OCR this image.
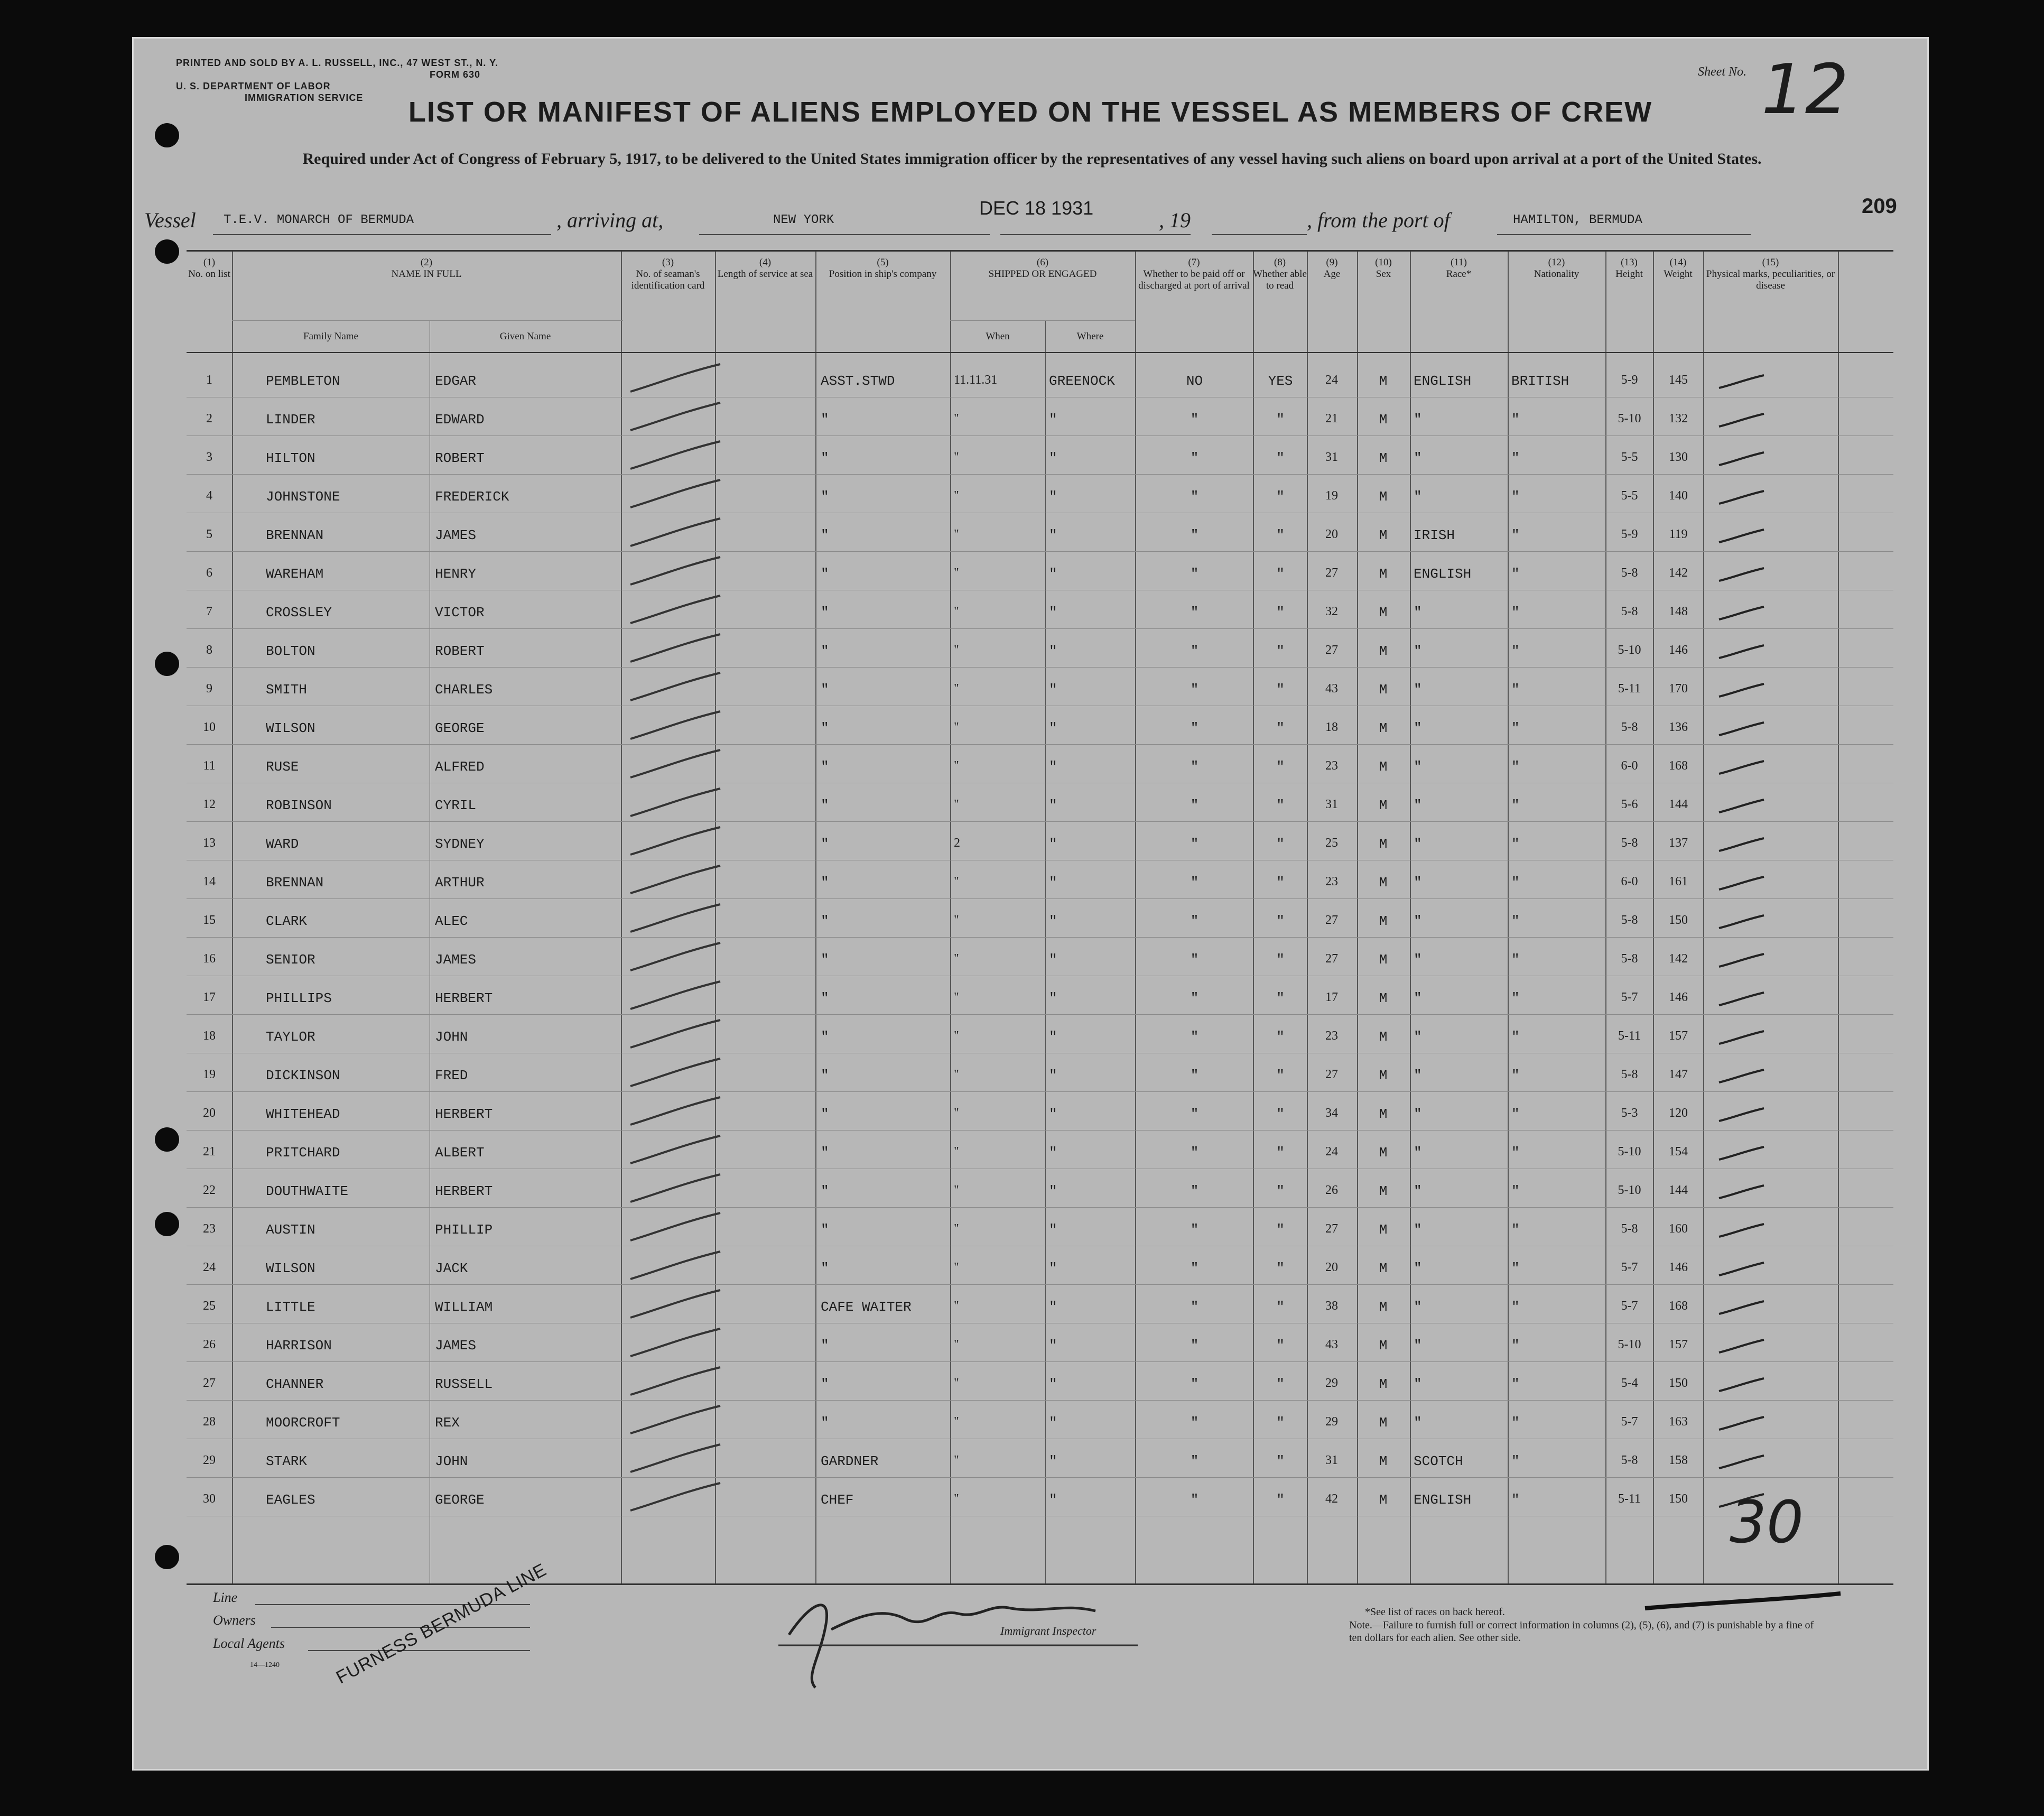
PRINTED AND SOLD BY A. L. RUSSELL, INC., 47 WEST ST., N. Y.
FORM 630
U. S. DEPARTMENT OF LABOR
IMMIGRATION SERVICE
Sheet No. 12
LIST OR MANIFEST OF ALIENS EMPLOYED ON THE VESSEL AS MEMBERS OF CREW
Required under Act of Congress of February 5, 1917, to be delivered to the United States immigration officer by the representatives of any vessel having such aliens on board upon arrival at a port of the United States.
Vessel T.E.V. MONARCH OF BERMUDA	, arriving at,	NEW YORK
DEC 18 1931
, 19	, from the port of	HAMILTON, BERMUDA
209
(1)
No. on list
(2)
NAME IN FULL
Family Name	Given Name
(3)
No. of seaman's identification card
(4)
Length of service at sea
(5)
Position in ship's company
(6)
SHIPPED OR ENGAGED
When	Where
(7)
Whether to be paid off or discharged at port of arrival
(8)
Whether able to read
(9)
Age
(10)
Sex
(11)
Race*
(12)
Nationality
(13)
Height
(14)
Weight
(15)
Physical marks, peculiarities, or disease
1	PEMBLETON	EDGAR	ASST.STWD	11.11.31	GREENOCK	NO	YES	24	M	ENGLISH	BRITISH	5-9	145
2	LINDER	EDWARD	"	"	"	"	"	21	M	"	"	5-10	132
3	HILTON	ROBERT	"	"	"	"	"	31	M	"	"	5-5	130
4	JOHNSTONE	FREDERICK	"	"	"	"	"	19	M	"	"	5-5	140
5	BRENNAN	JAMES	"	"	"	"	"	20	M	IRISH	"	5-9	119
6	WAREHAM	HENRY	"	"	"	"	"	27	M	ENGLISH	"	5-8	142
7	CROSSLEY	VICTOR	"	"	"	"	"	32	M	"	"	5-8	148
8	BOLTON	ROBERT	"	"	"	"	"	27	M	"	"	5-10	146
9	SMITH	CHARLES	"	"	"	"	"	43	M	"	"	5-11	170
10	WILSON	GEORGE	"	"	"	"	"	18	M	"	"	5-8	136
11	RUSE	ALFRED	"	"	"	"	"	23	M	"	"	6-0	168
12	ROBINSON	CYRIL	"	"	"	"	"	31	M	"	"	5-6	144
13	WARD	SYDNEY	"	2	"	"	"	25	M	"	"	5-8	137
14	BRENNAN	ARTHUR	"	"	"	"	"	23	M	"	"	6-0	161
15	CLARK	ALEC	"	"	"	"	"	27	M	"	"	5-8	150
16	SENIOR	JAMES	"	"	"	"	"	27	M	"	"	5-8	142
17	PHILLIPS	HERBERT	"	"	"	"	"	17	M	"	"	5-7	146
18	TAYLOR	JOHN	"	"	"	"	"	23	M	"	"	5-11	157
19	DICKINSON	FRED	"	"	"	"	"	27	M	"	"	5-8	147
20	WHITEHEAD	HERBERT	"	"	"	"	"	34	M	"	"	5-3	120
21	PRITCHARD	ALBERT	"	"	"	"	"	24	M	"	"	5-10	154
22	DOUTHWAITE	HERBERT	"	"	"	"	"	26	M	"	"	5-10	144
23	AUSTIN	PHILLIP	"	"	"	"	"	27	M	"	"	5-8	160
24	WILSON	JACK	"	"	"	"	"	20	M	"	"	5-7	146
25	LITTLE	WILLIAM	CAFE WAITER	"	"	"	"	38	M	"	"	5-7	168
26	HARRISON	JAMES	"	"	"	"	"	43	M	"	"	5-10	157
27	CHANNER	RUSSELL	"	"	"	"	"	29	M	"	"	5-4	150
28	MOORCROFT	REX	"	"	"	"	"	29	M	"	"	5-7	163
29	STARK	JOHN	GARDNER	"	"	"	"	31	M	SCOTCH	"	5-8	158
30	EAGLES	GEORGE	CHEF	"	"	"	"	42	M	ENGLISH	"	5-11	150 30
Line
Owners
Local Agents	FURNESS BERMUDA LINE
14—1240
Immigrant Inspector
*See list of races on back hereof.
Note.—Failure to furnish full or correct information in columns (2), (5), (6), and (7) is punishable by a fine of ten dollars for each alien. See other side.
